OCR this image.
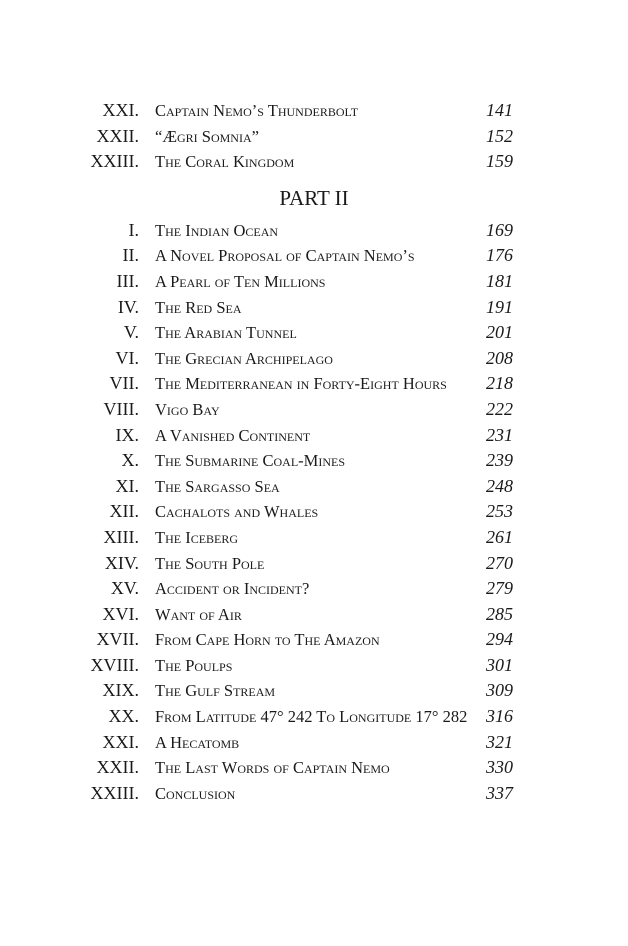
XXI. Captain Nemo’s Thunderbolt	141
XXII. “Ægri Somnia”	152
XXIII. The Coral Kingdom	159
PART II
I. The Indian Ocean	169
II. A Novel Proposal of Captain Nemo’s	176
III. A Pearl of Ten Millions	181
IV. The Red Sea	191
V. The Arabian Tunnel	201
VI. The Grecian Archipelago	208
VII. The Mediterranean in Forty-Eight Hours 218
VIII. Vigo Bay	222
IX. A Vanished Continent	231
X. The Submarine Coal-Mines	239
XI. The Sargasso Sea	248
XII. Cachalots and Whales	253
XIII. The Iceberg	261
XIV. The South Pole	270
XV. Accident or Incident?	279
XVI. Want of Air	285
XVII. From Cape Horn to The Amazon	294
XVIII. The Poulps	301
XIX. The Gulf Stream	309
XX. From Latitude 47° 242 To Longitude 17° 282 316
XXI. A Hecatomb	321
XXII. The Last Words of Captain Nemo	330
XXIII. Conclusion	337
